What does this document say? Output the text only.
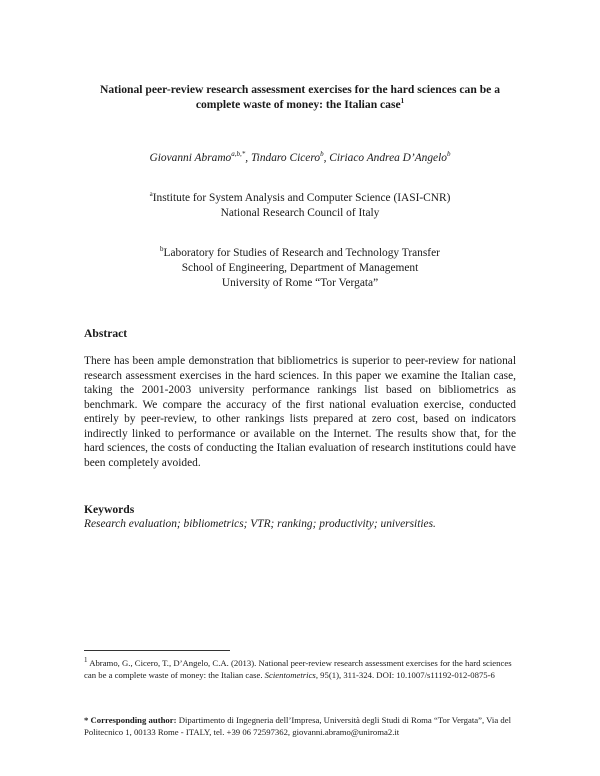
National peer-review research assessment exercises for the hard sciences can be a
complete waste of money: the Italian case$^1$
Giovanni Abramo$^{a,b,*}$, Tindaro Cicero$^b$, Ciriaco Andrea D’Angelo$^b$
$^a$Institute for System Analysis and Computer Science (IASI-CNR)
National Research Council of Italy
$^b$Laboratory for Studies of Research and Technology Transfer
School of Engineering, Department of Management
University of Rome “Tor Vergata”
Abstract
There has been ample demonstration that bibliometrics is superior to peer-review for national research assessment exercises in the hard sciences. In this paper we examine the Italian case, taking the 2001-2003 university performance rankings list based on bibliometrics as benchmark. We compare the accuracy of the first national evaluation exercise, conducted entirely by peer-review, to other rankings lists prepared at zero cost, based on indicators indirectly linked to performance or available on the Internet. The results show that, for the hard sciences, the costs of conducting the Italian evaluation of research institutions could have been completely avoided.
Keywords
Research evaluation; bibliometrics; VTR; ranking; productivity; universities.
$^1$ Abramo, G., Cicero, T., D’Angelo, C.A. (2013). National peer-review research assessment exercises for the hard sciences can be a complete waste of money: the Italian case. Scientometrics, 95(1), 311-324. DOI: 10.1007/s11192-012-0875-6
* Corresponding author: Dipartimento di Ingegneria dell’Impresa, Università degli Studi di Roma “Tor Vergata”, Via del Politecnico 1, 00133 Rome - ITALY, tel. +39 06 72597362, giovanni.abramo@uniroma2.it
